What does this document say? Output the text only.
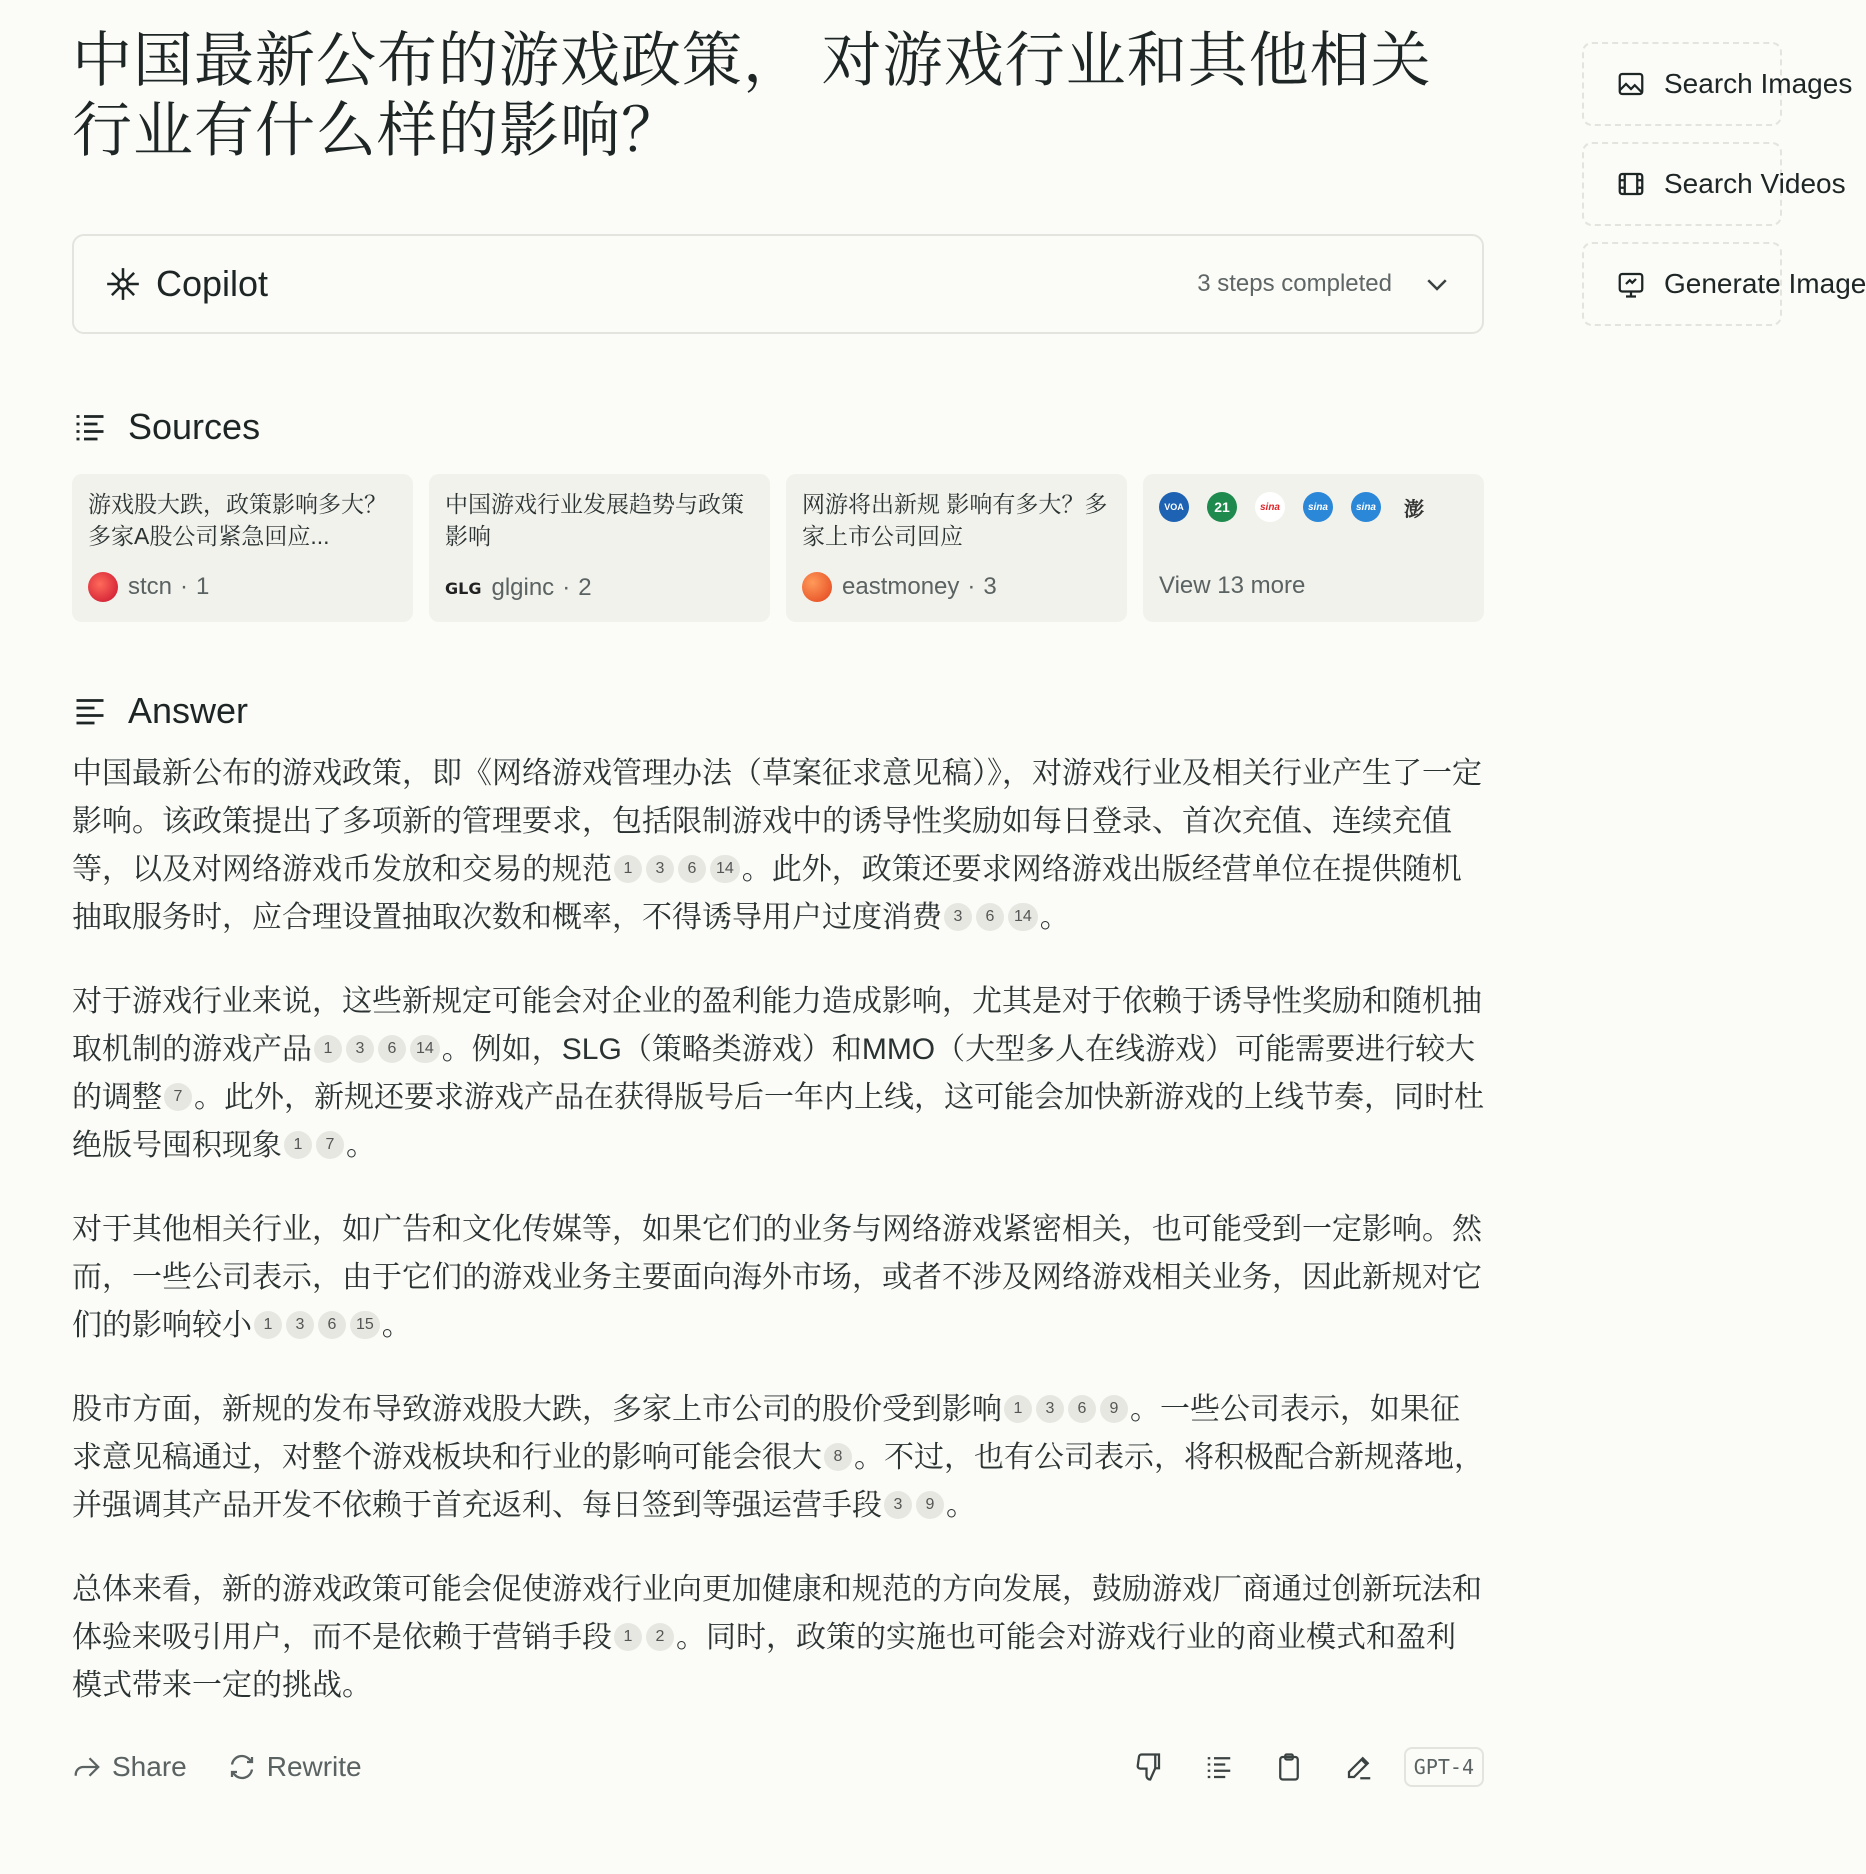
中国最新公布的游戏政策， 对游戏行业和其他相关行业有什么样的影响？
Copilot	3 steps completed
Sources
游戏股大跌，政策影响多大？多家A股公司紧急回应...
stcn · 1
中国游戏行业发展趋势与政策影响
GLG glginc · 2
网游将出新规 影响有多大？多家上市公司回应
eastmoney · 3
VOA	21	sina	sina	sina 澎
View 13 more
Answer

中国最新公布的游戏政策，即《网络游戏管理办法（草案征求意见稿）》，对游戏行业及相关行业产生了一定影响。该政策提出了多项新的管理要求，包括限制游戏中的诱导性奖励如每日登录、首次充值、连续充值等，以及对网络游戏币发放和交易的规范 1 3 6 14 。此外，政策还要求网络游戏出版经营单位在提供随机抽取服务时，应合理设置抽取次数和概率，不得诱导用户过度消费 3 6 14 。

对于游戏行业来说，这些新规定可能会对企业的盈利能力造成影响，尤其是对于依赖于诱导性奖励和随机抽取机制的游戏产品 1 3 6 14 。例如，SLG（策略类游戏）和MMO（大型多人在线游戏）可能需要进行较大的调整 7 。此外，新规还要求游戏产品在获得版号后一年内上线，这可能会加快新游戏的上线节奏，同时杜绝版号囤积现象 1 7 。

对于其他相关行业，如广告和文化传媒等，如果它们的业务与网络游戏紧密相关，也可能受到一定影响。然而，一些公司表示，由于它们的游戏业务主要面向海外市场，或者不涉及网络游戏相关业务，因此新规对它们的影响较小 1 3 6 15 。

股市方面，新规的发布导致游戏股大跌，多家上市公司的股价受到影响 1 3 6 9 。一些公司表示，如果征求意见稿通过，对整个游戏板块和行业的影响可能会很大 8 。不过，也有公司表示，将积极配合新规落地，并强调其产品开发不依赖于首充返利、每日签到等强运营手段 3 9 。

总体来看，新的游戏政策可能会促使游戏行业向更加健康和规范的方向发展，鼓励游戏厂商通过创新玩法和体验来吸引用户，而不是依赖于营销手段 1 2 。同时，政策的实施也可能会对游戏行业的商业模式和盈利模式带来一定的挑战。

Share	Rewrite	GPT-4
Search Images
Search Videos
Generate Image
